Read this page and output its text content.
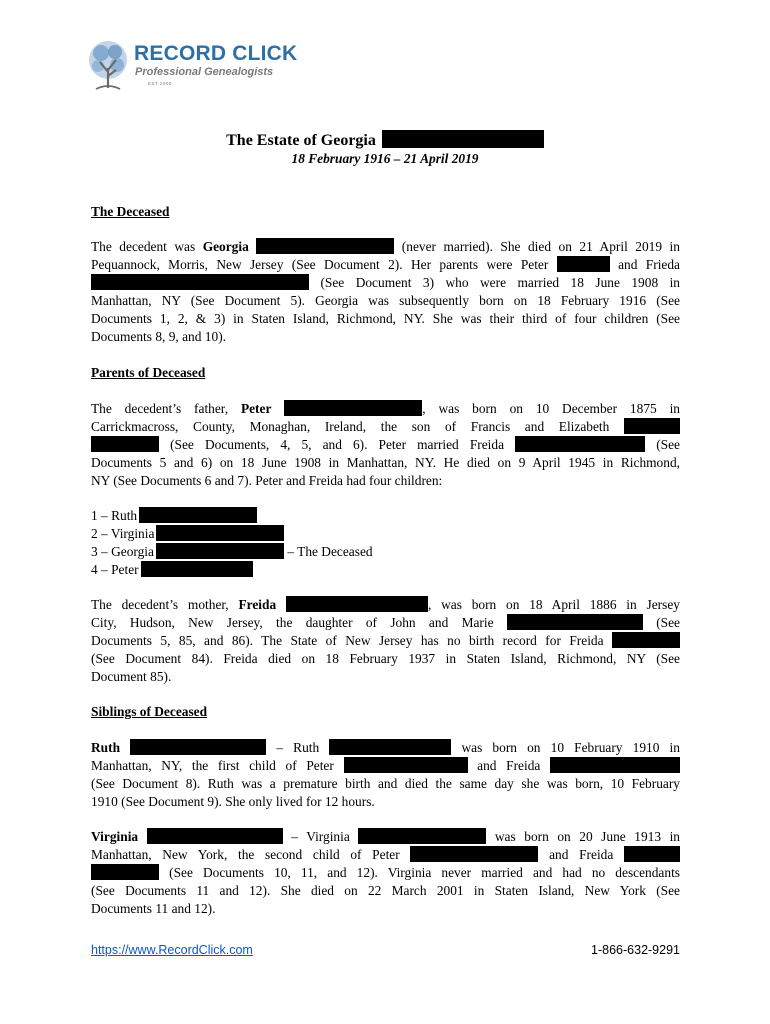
RECORD CLICK
Professional Genealogists
EST 2000
The Estate of Georgia
18 February 1916 – 21 April 2019
The Deceased
The decedent was Georgia	(never married). She died on 21 April 2019 in
Pequannock, Morris, New Jersey (See Document 2). Her parents were Peter	and Frieda
(See Document 3) who were married 18 June 1908 in
Manhattan, NY (See Document 5). Georgia was subsequently born on 18 February 1916 (See
Documents 1, 2, & 3) in Staten Island, Richmond, NY. She was their third of four children (See
Documents 8, 9, and 10).
Parents of Deceased
The decedent’s father, Peter	, was born on 10 December 1875 in
Carrickmacross, County, Monaghan, Ireland, the son of Francis and Elizabeth
(See Documents, 4, 5, and 6). Peter married Freida	(See
Documents 5 and 6) on 18 June 1908 in Manhattan, NY. He died on 9 April 1945 in Richmond,
NY (See Documents 6 and 7). Peter and Freida had four children:
1 – Ruth
2 – Virginia
3 – Georgia	– The Deceased
4 – Peter
The decedent’s mother, Freida	, was born on 18 April 1886 in Jersey
City, Hudson, New Jersey, the daughter of John and Marie	(See
Documents 5, 85, and 86). The State of New Jersey has no birth record for Freida
(See Document 84). Freida died on 18 February 1937 in Staten Island, Richmond, NY (See
Document 85).
Siblings of Deceased
Ruth	– Ruth	was born on 10 February 1910 in
Manhattan, NY, the first child of Peter	and Freida
(See Document 8). Ruth was a premature birth and died the same day she was born, 10 February
1910 (See Document 9). She only lived for 12 hours.
Virginia	– Virginia	was born on 20 June 1913 in
Manhattan, New York, the second child of Peter	and Freida
(See Documents 10, 11, and 12). Virginia never married and had no descendants
(See Documents 11 and 12). She died on 22 March 2001 in Staten Island, New York (See
Documents 11 and 12).
https://www.RecordClick.com	1-866-632-9291
